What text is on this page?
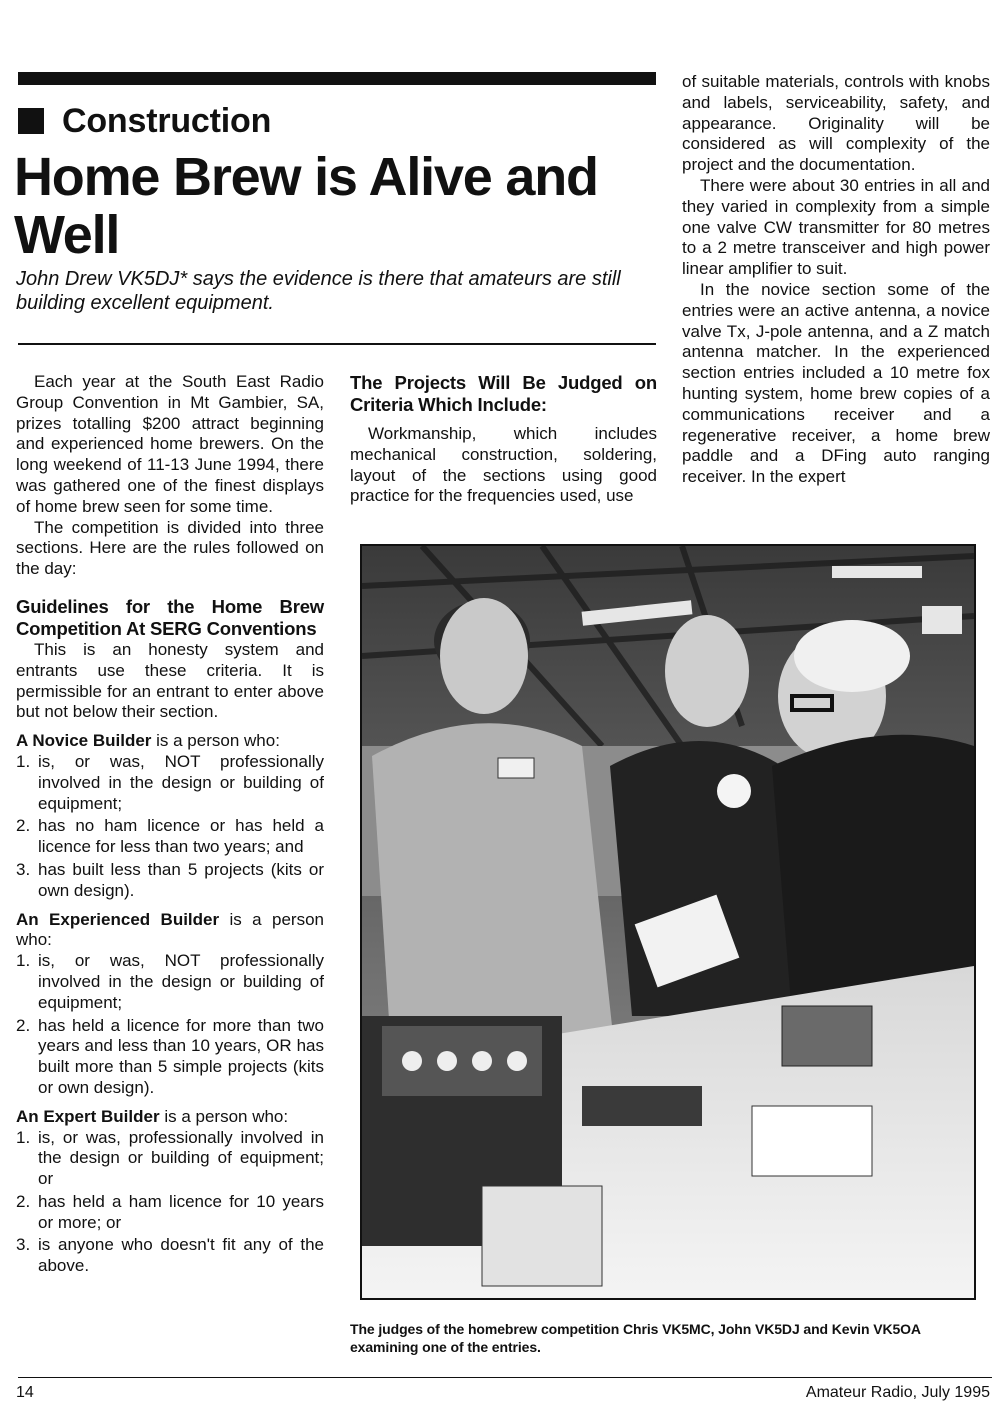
Construction
Home Brew is Alive and Well

John Drew VK5DJ* says the evidence is there that amateurs are still building excellent equipment.

Each year at the South East Radio Group Convention in Mt Gambier, SA, prizes totalling $200 attract beginning and experienced home brewers. On the long weekend of 11-13 June 1994, there was gathered one of the finest displays of home brew seen for some time.

The competition is divided into three sections. Here are the rules followed on the day:

Guidelines for the Home Brew Competition At SERG Conventions

This is an honesty system and entrants use these criteria. It is permissible for an entrant to enter above but not below their section.

A Novice Builder is a person who:

1. is, or was, NOT professionally involved in the design or building of equipment;
2. has no ham licence or has held a licence for less than two years; and
3. has built less than 5 projects (kits or own design).

An Experienced Builder is a person who:

1. is, or was, NOT professionally involved in the design or building of equipment;
2. has held a licence for more than two years and less than 10 years, OR has built more than 5 simple projects (kits or own design).

An Expert Builder is a person who:

1. is, or was, professionally involved in the design or building of equipment; or
2. has held a ham licence for 10 years or more; or
3. is anyone who doesn't fit any of the above.
The Projects Will Be Judged on Criteria Which Include:

Workmanship, which includes mechanical construction, soldering, layout of the sections using good practice for the frequencies used, use

of suitable materials, controls with knobs and labels, serviceability, safety, and appearance. Originality will be considered as will complexity of the project and the documentation.

There were about 30 entries in all and they varied in complexity from a simple one valve CW transmitter for 80 metres to a 2 metre transceiver and high power linear amplifier to suit.

In the novice section some of the entries were an active antenna, a novice valve Tx, J-pole antenna, and a Z match antenna matcher. In the experienced section entries included a 10 metre fox hunting system, home brew copies of a communications receiver and a regenerative receiver, a home brew paddle and a DFing auto ranging receiver. In the expert

The judges of the homebrew competition Chris VK5MC, John VK5DJ and Kevin VK5OA examining one of the entries.

14	Amateur Radio, July 1995
